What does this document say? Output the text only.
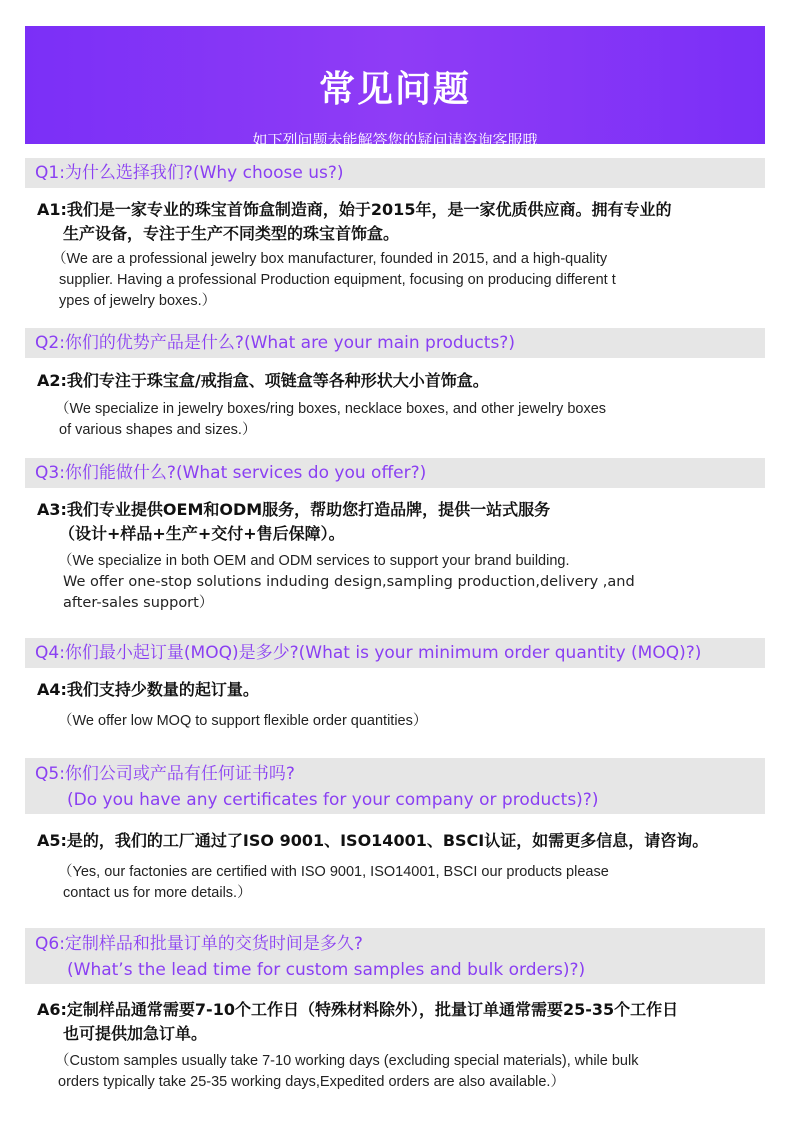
常见问题
如下列问题未能解答您的疑问请咨询客服哦
Q1:为什么选择我们?(Why choose us?)
A1:我们是一家专业的珠宝首饰盒制造商，始于2015年，是一家优质供应商。拥有专业的
生产设备，专注于生产不同类型的珠宝首饰盒。
（We are a professional jewelry box manufacturer, founded in 2015, and a high-quality
supplier. Having a professional Production equipment, focusing on producing different t
ypes of jewelry boxes.）
Q2:你们的优势产品是什么?(What are your main products?)
A2:我们专注于珠宝盒/戒指盒、项链盒等各种形状大小首饰盒。
（We specialize in jewelry boxes/ring boxes, necklace boxes, and other jewelry boxes
of various shapes and sizes.）
Q3:你们能做什么?(What services do you offer?)
A3:我们专业提供OEM和ODM服务，帮助您打造品牌，提供一站式服务
（设计+样品+生产+交付+售后保障）。
（We specialize in both OEM and ODM services to support your brand building.
We offer one-stop solutions induding design,sampling production,delivery ,and
after-sales support）
Q4:你们最小起订量(MOQ)是多少?(What is your minimum order quantity (MOQ)?)
A4:我们支持少数量的起订量。
（We offer low MOQ to support flexible order quantities）
Q5:你们公司或产品有任何证书吗?
(Do you have any certificates for your company or products)?)
A5:是的，我们的工厂通过了ISO 9001、ISO14001、BSCI认证，如需更多信息，请咨询。
（Yes, our factonies are certified with ISO 9001, ISO14001, BSCI our products please
contact us for more details.）
Q6:定制样品和批量订单的交货时间是多久?
(What’s the lead time for custom samples and bulk orders)?)
A6:定制样品通常需要7-10个工作日（特殊材料除外），批量订单通常需要25-35个工作日
也可提供加急订单。
（Custom samples usually take 7-10 working days (excluding special materials), while bulk
orders typically take 25-35 working days,Expedited orders are also available.）
